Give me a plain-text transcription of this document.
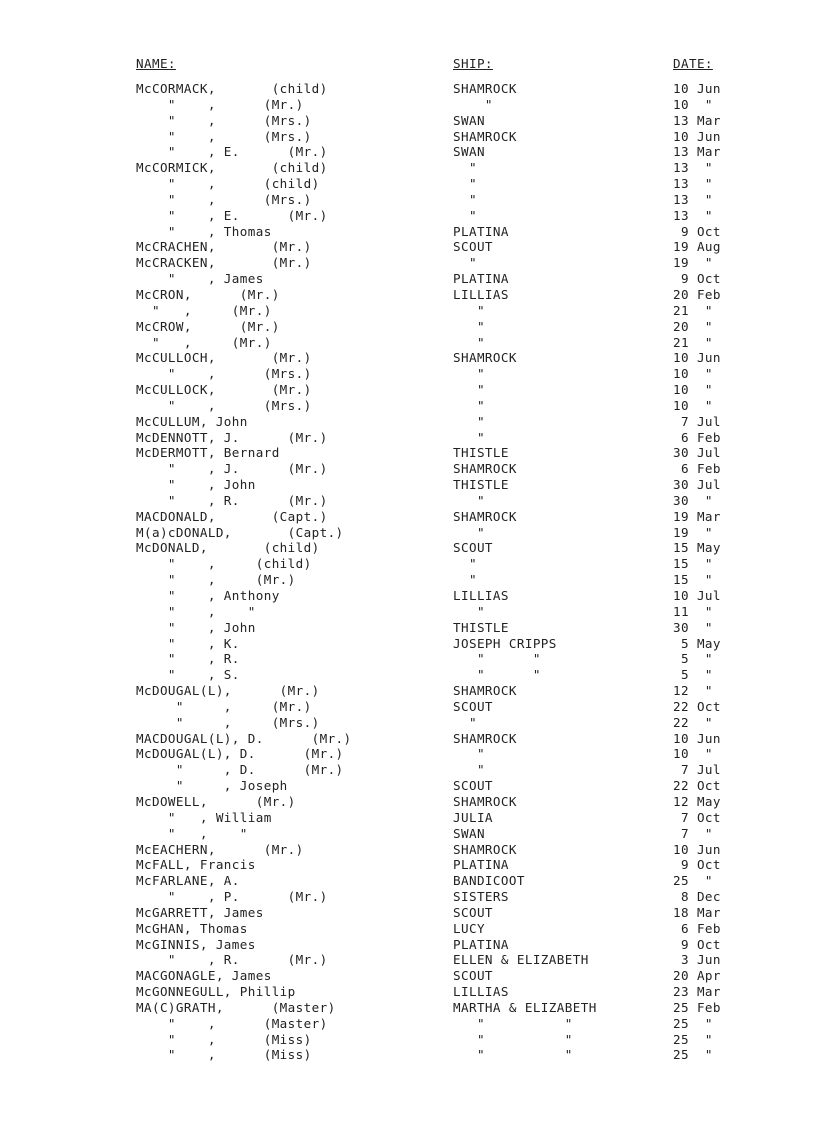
NAME:	SHIP:	DATE:
McCORMACK,       (child)	SHAMROCK	10 Jun
"    ,      (Mr.)	"	10  "
"    ,      (Mrs.)	SWAN	13 Mar
"    ,      (Mrs.)	SHAMROCK	10 Jun
"    , E.      (Mr.)	SWAN	13 Mar
McCORMICK,       (child)	"	13  "
"    ,      (child)	"	13  "
"    ,      (Mrs.)	"	13  "
"    , E.      (Mr.)	"	13  "
"    , Thomas	PLATINA	9 Oct
McCRACHEN,       (Mr.)	SCOUT	19 Aug
McCRACKEN,       (Mr.)	"	19  "
"    , James	PLATINA	9 Oct
McCRON,      (Mr.)	LILLIAS	20 Feb
"   ,     (Mr.)	"	21  "
McCROW,      (Mr.)	"	20  "
"   ,     (Mr.)	"	21  "
McCULLOCH,       (Mr.)	SHAMROCK	10 Jun
"    ,      (Mrs.)	"	10  "
McCULLOCK,       (Mr.)	"	10  "
"    ,      (Mrs.)	"	10  "
McCULLUM, John	"	7 Jul
McDENNOTT, J.      (Mr.)	"	6 Feb
McDERMOTT, Bernard	THISTLE	30 Jul
"    , J.      (Mr.)	SHAMROCK	6 Feb
"    , John	THISTLE	30 Jul
"    , R.      (Mr.)	"	30  "
MACDONALD,       (Capt.)	SHAMROCK	19 Mar
M(a)cDONALD,       (Capt.)	"	19  "
McDONALD,       (child)	SCOUT	15 May
"    ,     (child)	"	15  "
"    ,     (Mr.)	"	15  "
"    , Anthony	LILLIAS	10 Jul
"    ,    "	"	11  "
"    , John	THISTLE	30  "
"    , K.	JOSEPH CRIPPS	5 May
"    , R.	"      "	5  "
"    , S.	"      "	5  "
McDOUGAL(L),      (Mr.)	SHAMROCK	12  "
"     ,     (Mr.)	SCOUT	22 Oct
"     ,     (Mrs.)	"	22  "
MACDOUGAL(L), D.      (Mr.)	SHAMROCK	10 Jun
McDOUGAL(L), D.      (Mr.)	"	10  "
"     , D.      (Mr.)	"	7 Jul
"     , Joseph	SCOUT	22 Oct
McDOWELL,      (Mr.)	SHAMROCK	12 May
"   , William	JULIA	7 Oct
"   ,    "	SWAN	7  "
McEACHERN,      (Mr.)	SHAMROCK	10 Jun
McFALL, Francis	PLATINA	9 Oct
McFARLANE, A.	BANDICOOT	25  "
"    , P.      (Mr.)	SISTERS	8 Dec
McGARRETT, James	SCOUT	18 Mar
McGHAN, Thomas	LUCY	6 Feb
McGINNIS, James	PLATINA	9 Oct
"    , R.      (Mr.)	ELLEN & ELIZABETH	3 Jun
MACGONAGLE, James	SCOUT	20 Apr
McGONNEGULL, Phillip	LILLIAS	23 Mar
MA(C)GRATH,      (Master)	MARTHA & ELIZABETH	25 Feb
"    ,      (Master)	"          "	25  "
"    ,      (Miss)	"          "	25  "
"    ,      (Miss)	"          "	25  "
